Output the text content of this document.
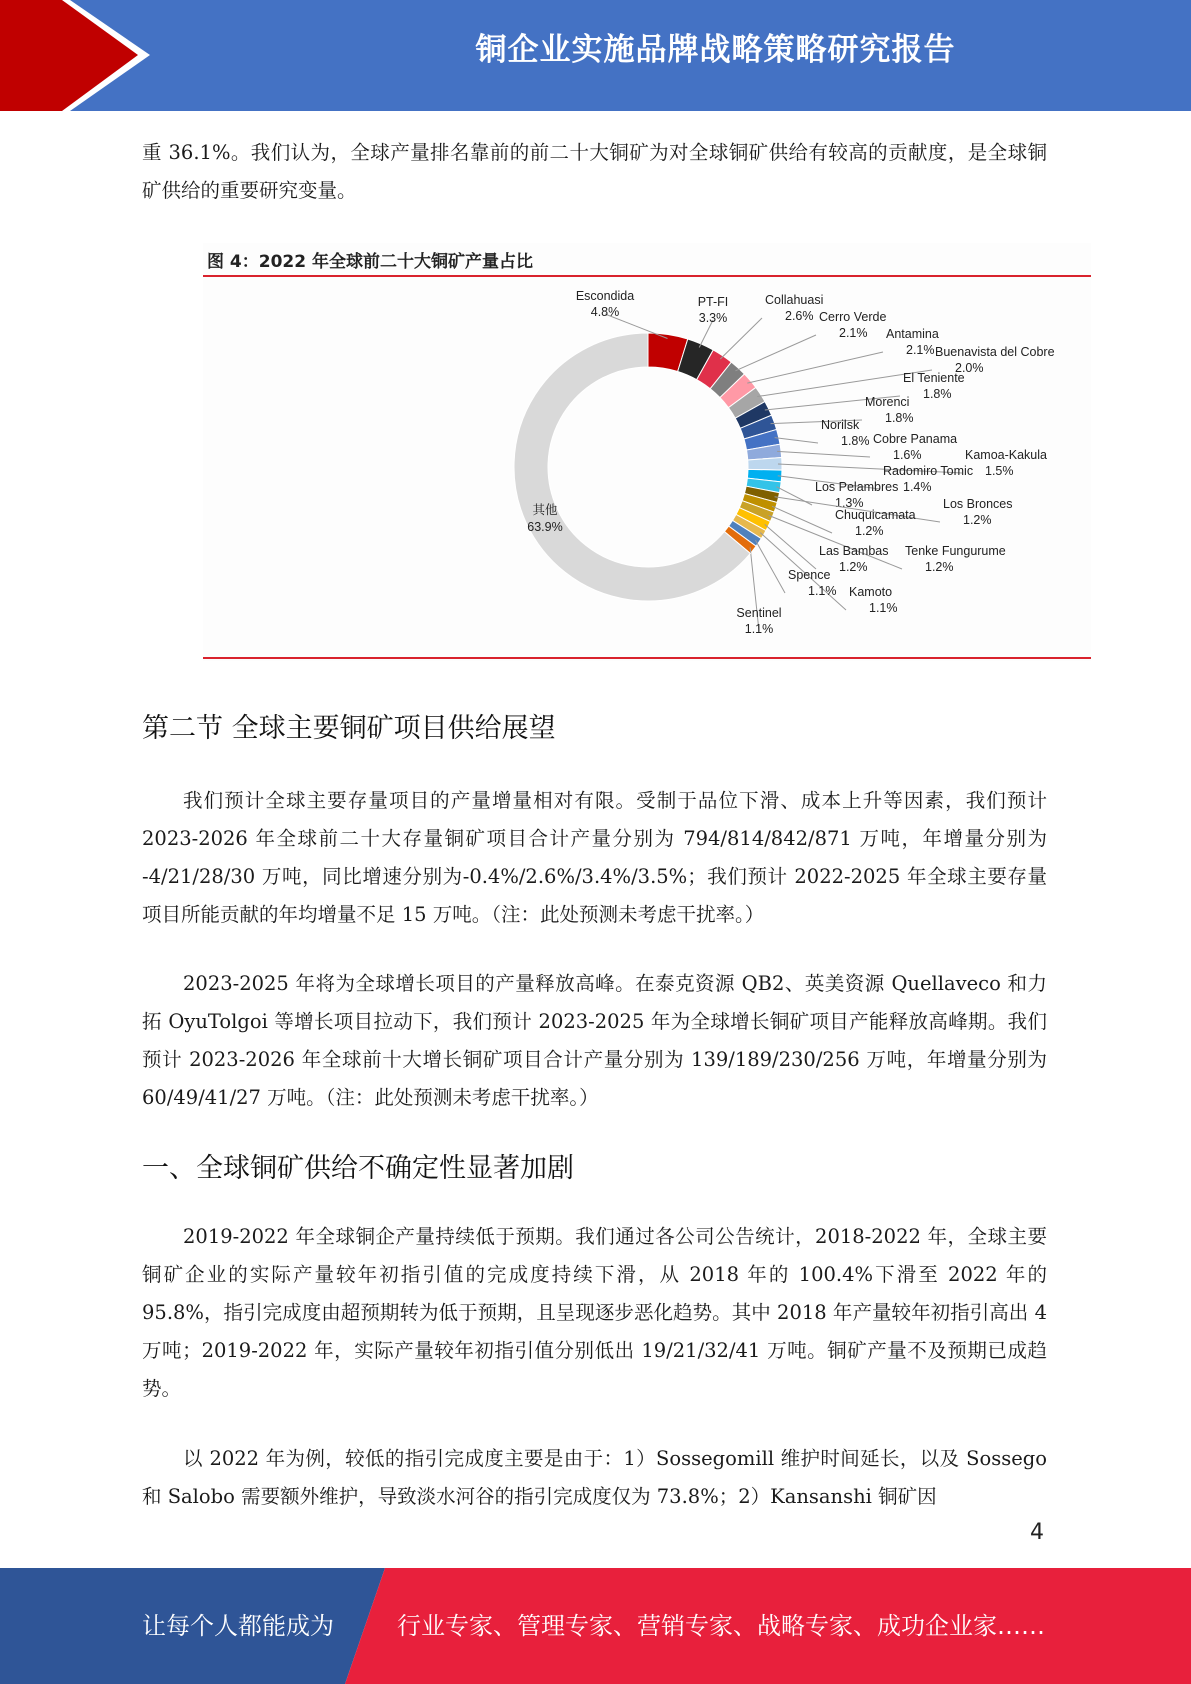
铜企业实施品牌战略策略研究报告

重 36.1%。我们认为，全球产量排名靠前的前二十大铜矿为对全球铜矿供给有较高的贡献度，是全球铜矿供给的重要研究变量。

图 4：2022 年全球前二十大铜矿产量占比
Escondida
4.8%
PT-FI
3.3%
Collahuasi
2.6% Cerro Verde
2.1% Antamina
2.1% Buenavista del Cobre
2.0%
El Teniente
1.8%
Morenci
1.8%
Norilsk
1.8% Cobre Panama
1.6%	Kamoa-Kakula
1.5%
Radomiro Tomic
1.4%
Los Pelambres
1.3%	Los Bronces
1.2%
Chuquicamata
1.2%
Tenke Fungurume
1.2%
Las Bambas
1.2%
Kamoto
1.1%
Spence
1.1%
Sentinel
1.1%
其他
63.9%
第二节 全球主要铜矿项目供给展望

我们预计全球主要存量项目的产量增量相对有限。受制于品位下滑、成本上升等因素，我们预计 2023-2026 年全球前二十大存量铜矿项目合计产量分别为 794/814/842/871 万吨，年增量分别为 -4/21/28/30 万吨，同比增速分别为-0.4%/2.6%/3.4%/3.5%；我们预计 2022-2025 年全球主要存量项目所能贡献的年均增量不足 15 万吨。（注：此处预测未考虑干扰率。）

2023-2025 年将为全球增长项目的产量释放高峰。在泰克资源 QB2、英美资源 Quellaveco 和力拓 OyuTolgoi 等增长项目拉动下，我们预计 2023-2025 年为全球增长铜矿项目产能释放高峰期。我们预计 2023-2026 年全球前十大增长铜矿项目合计产量分别为 139/189/230/256 万吨，年增量分别为 60/49/41/27 万吨。（注：此处预测未考虑干扰率。）

一、全球铜矿供给不确定性显著加剧

2019-2022 年全球铜企产量持续低于预期。我们通过各公司公告统计，2018-2022 年，全球主要铜矿企业的实际产量较年初指引值的完成度持续下滑，从 2018 年的 100.4%下滑至 2022 年的 95.8%，指引完成度由超预期转为低于预期，且呈现逐步恶化趋势。其中 2018 年产量较年初指引高出 4 万吨；2019-2022 年，实际产量较年初指引值分别低出 19/21/32/41 万吨。铜矿产量不及预期已成趋势。

以 2022 年为例，较低的指引完成度主要是由于：1）Sossegomill 维护时间延长，以及 Sossego 和 Salobo 需要额外维护，导致淡水河谷的指引完成度仅为 73.8%；2）Kansanshi 铜矿因

4
让每个人都能成为	行业专家、管理专家、营销专家、战略专家、成功企业家……
